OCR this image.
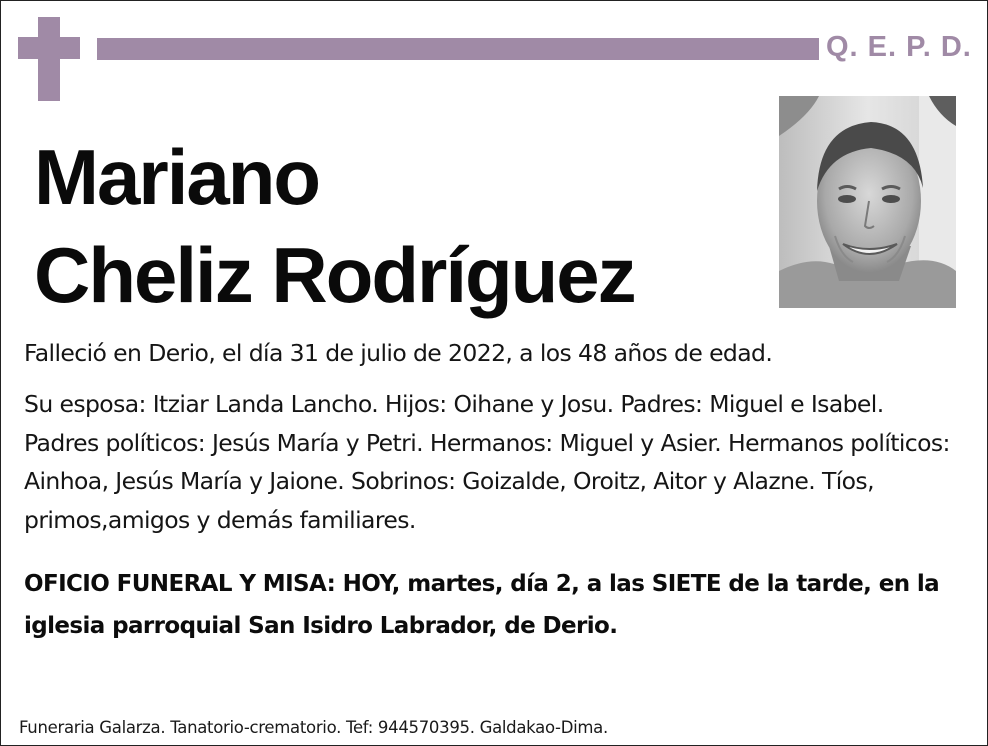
Q. E. P. D.
Mariano
Cheliz Rodríguez
Falleció en Derio, el día 31 de julio de 2022, a los 48 años de edad.
Su esposa: Itziar Landa Lancho. Hijos: Oihane y Josu. Padres: Miguel e Isabel. Padres políticos: Jesús María y Petri. Hermanos: Miguel y Asier. Hermanos políticos: Ainhoa, Jesús María y Jaione. Sobrinos: Goizalde, Oroitz, Aitor y Alazne. Tíos, primos,amigos y demás familiares.
OFICIO FUNERAL Y MISA: HOY, martes, día 2, a las SIETE de la tarde, en la iglesia parroquial San Isidro Labrador, de Derio.
Funeraria Galarza. Tanatorio-crematorio. Tef: 944570395. Galdakao-Dima.
